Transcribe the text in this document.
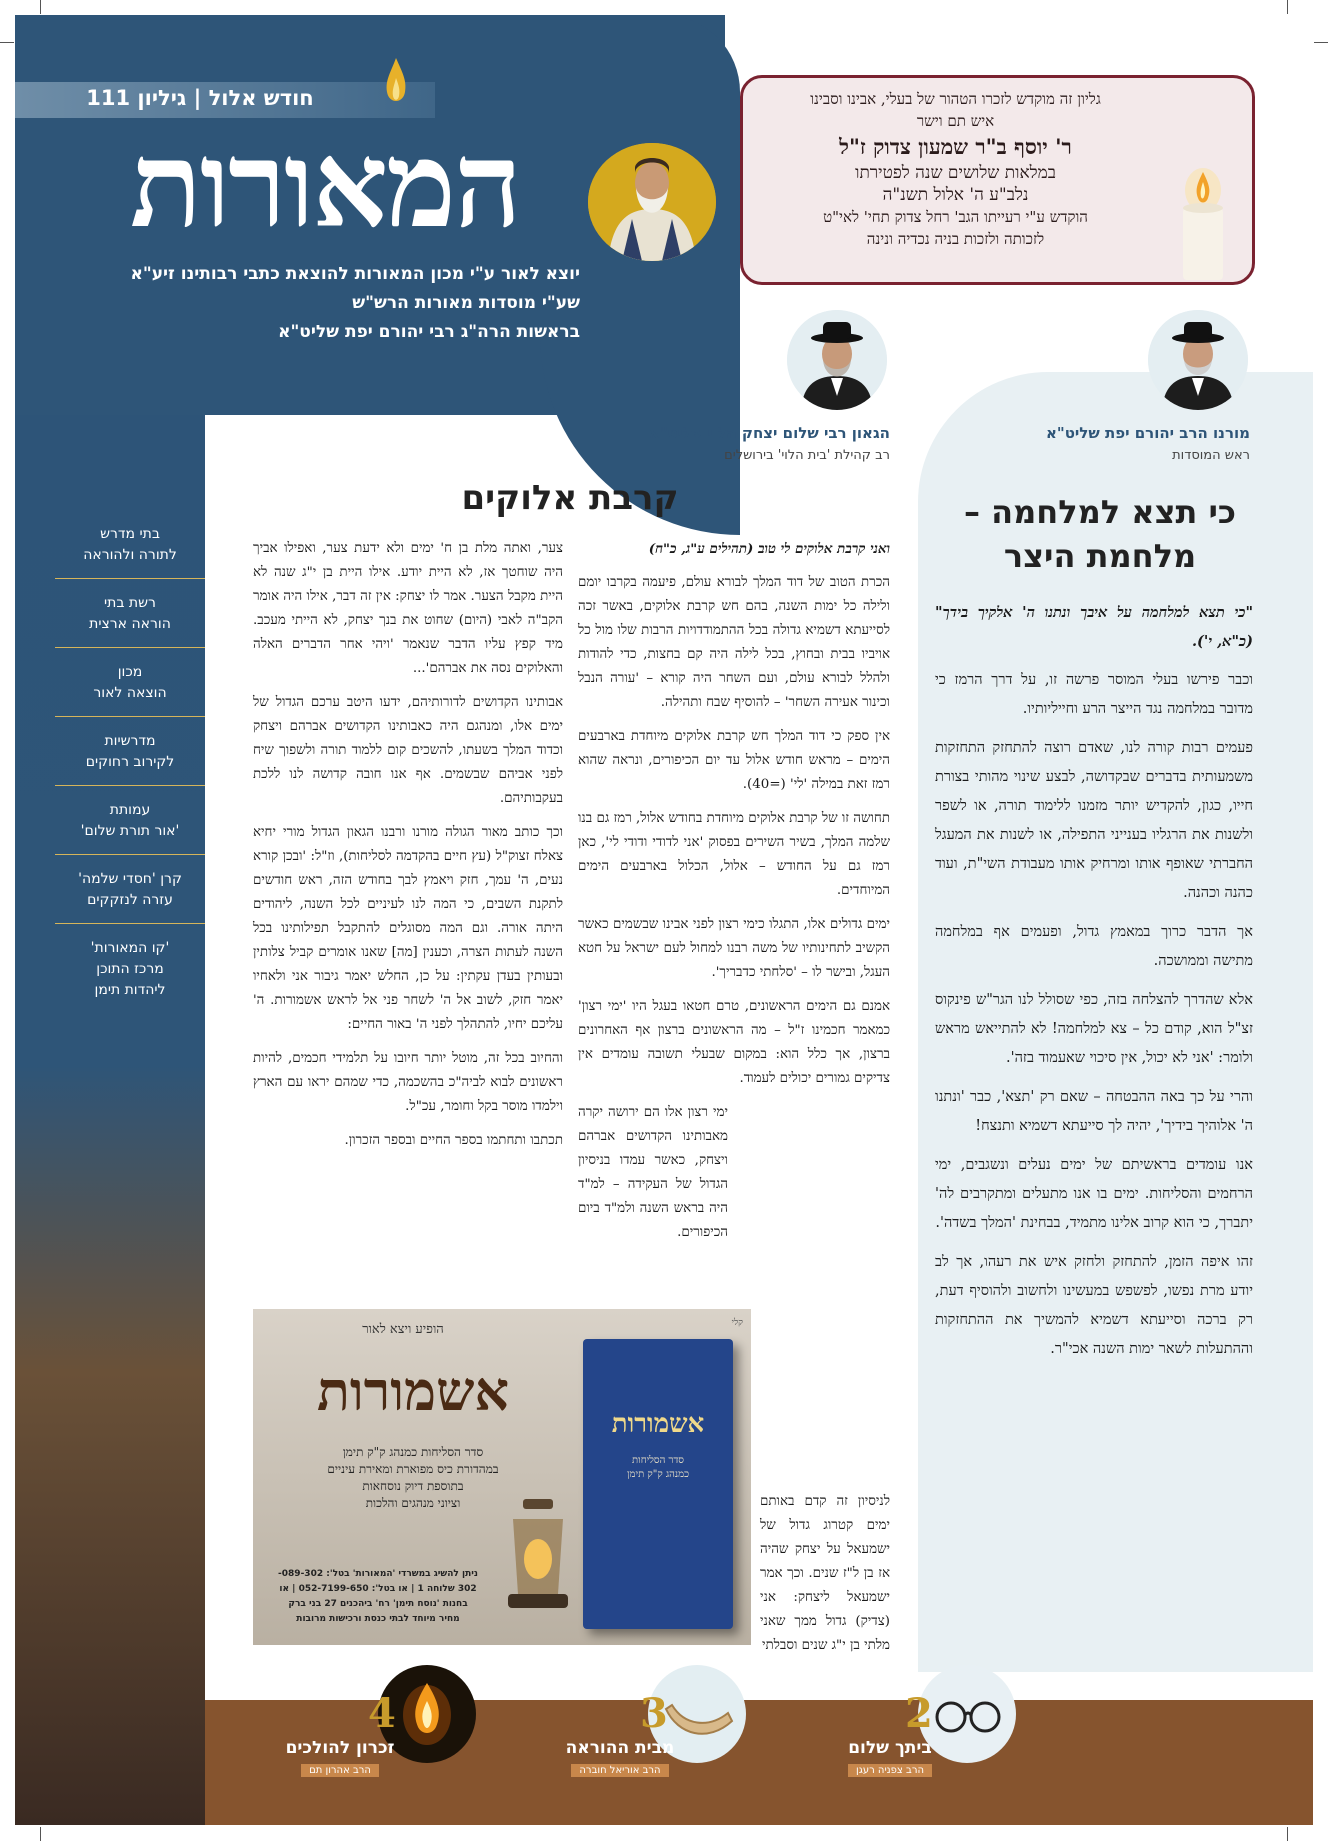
חודש אלול | גיליון 111
המאורות
יוצא לאור ע"י מכון המאורות להוצאת כתבי רבותינו זיע"א
שע"י מוסדות מאורות הרש"ש
בראשות הרה"ג רבי יהורם יפת שליט"א
גליון זה מוקדש לזכרו הטהור של בעלי, אבינו וסבינו
איש תם וישר
ר' יוסף ב"ר שמעון צדוק ז"ל
במלאות שלושים שנה לפטירתו
נלב"ע ה' אלול תשנ"ה
הוקדש ע"י רעייתו הגב' רחל צדוק תחי' לאי"ט
לזכותה ולזכות בניה נכדיה ונינה
בתי מדרש
לתורה ולהוראה
רשת בתי
הוראה ארצית
מכון
הוצאה לאור
מדרשיות
לקירוב רחוקים
עמותת
'אור תורת שלום'
קרן 'חסדי שלמה'
עזרה לנזקקים
'קו המאורות'
מרכז התוכן
ליהדות תימן
מורנו הרב יהורם יפת שליט"א
ראש המוסדות
הגאון רבי שלום יצחק הלוי שליט"א
רב קהילת 'בית הלוי' בירושלים
כי תצא למלחמה –
מלחמת היצר

"כי תצא למלחמה על איבך ונתנו ה' אלקיך בידך" (כ"א, י').

וכבר פירשו בעלי המוסר פרשה זו, על דרך הרמז כי מדובר במלחמה נגד הייצר הרע וחייליותיו.

פעמים רבות קורה לנו, שאדם רוצה להתחזק התחזקות משמעותית בדברים שבקדושה, לבצע שינוי מהותי בצורת חייו, כגון, להקדיש יותר מזמנו ללימוד תורה, או לשפר ולשנות את הרגליו בענייני התפילה, או לשנות את המעגל החברתי שאופף אותו ומרחיק אותו מעבודת השי"ת, ועוד כהנה וכהנה.

אך הדבר כרוך במאמץ גדול, ופעמים אף במלחמה מתישה וממושכה.

אלא שהדרך להצלחה בזה, כפי שסולל לנו הגר"ש פינקוס זצ"ל הוא, קודם כל – צא למלחמה! לא להתייאש מראש ולומר: 'אני לא יכול, אין סיכוי שאעמוד בזה'.

והרי על כך באה ההבטחה – שאם רק 'תצא', כבר 'ונתנו ה' אלוהיך בידיך', יהיה לך סייעתא דשמיא ותנצח!

אנו עומדים בראשיתם של ימים נעלים ונשגבים, ימי הרחמים והסליחות. ימים בו אנו מתעלים ומתקרבים לה' יתברך, כי הוא קרוב אלינו מתמיד, בבחינת 'המלך בשדה'.

זהו איפה הזמן, להתחזק ולחזק איש את רעהו, אך לב יודע מרת נפשו, לפשפש במעשינו ולחשוב ולהוסיף דעת, רק ברכה וסייעתא דשמיא להמשיך את ההתחזקות וההתעלות לשאר ימות השנה אכי"ר.

קרבת אלוקים

ואני קרבת אלוקים לי טוב (תהילים ע"ג, כ"ח)

הכרת הטוב של דוד המלך לבורא עולם, פיעמה בקרבו יומם ולילה כל ימות השנה, בהם חש קרבת אלוקים, באשר זכה לסייעתא דשמיא גדולה בכל ההתמודדויות הרבות שלו מול כל אויביו בבית ובחוץ, בכל לילה היה קם בחצות, כדי להודות ולהלל לבורא עולם, ועם השחר היה קורא – 'עורה הנבל וכינור אעירה השחר' – להוסיף שבח ותהילה.

אין ספק כי דוד המלך חש קרבת אלוקים מיוחדת בארבעים הימים – מראש חודש אלול עד יום הכיפורים, ונראה שהוא רמז זאת במילה 'לי' (=40).

תחושה זו של קרבת אלוקים מיוחדת בחודש אלול, רמז גם בנו שלמה המלך, בשיר השירים בפסוק 'אני לדודי ודודי לי', כאן רמז גם על החודש – אלול, הכלול בארבעים הימים המיוחדים.

ימים גדולים אלו, התגלו כימי רצון לפני אבינו שבשמים כאשר הקשיב לתחינותיו של משה רבנו למחול לעם ישראל על חטא העגל, ובישר לו – 'סלחתי כדבריך'.

אמנם גם הימים הראשונים, טרם חטאו בעגל היו 'ימי רצון' כמאמר חכמינו ז"ל – מה הראשונים ברצון אף האחרונים ברצון, אך כלל הוא: במקום שבעלי תשובה עומדים אין צדיקים גמורים יכולים לעמוד.

ימי רצון אלו הם ירושה יקרה מאבותינו הקדושים אברהם ויצחק, כאשר עמדו בניסיון הגדול של העקידה – למ"ד היה בראש השנה ולמ"ד ביום הכיפורים.

לניסיון זה קדם באותם ימים קטרוג גדול של ישמעאל על יצחק שהיה אז בן ל"ז שנים. וכך אמר ישמעאל ליצחק: אני (צדיק) גדול ממך שאני מלתי בן י"ג שנים וסבלתי

צער, ואתה מלת בן ח' ימים ולא ידעת צער, ואפילו אביך היה שוחטך אז, לא היית יודע. אילו היית בן י"ג שנה לא היית מקבל הצער. אמר לו יצחק: אין זה דבר, אילו היה אומר הקב"ה לאבי (היום) שחוט את בנך יצחק, לא הייתי מעכב. מיד קפץ עליו הדבר שנאמר 'ויהי אחר הדברים האלה והאלוקים נסה את אברהם'...

אבותינו הקדושים לדורותיהם, ידעו היטב ערכם הגדול של ימים אלו, ומנהגם היה כאבותינו הקדושים אברהם ויצחק וכדוד המלך בשעתו, להשכים קום ללמוד תורה ולשפוך שיח לפני אביהם שבשמים. אף אנו חובה קדושה לנו ללכת בעקבותיהם.

וכך כותב מאור הגולה מורנו ורבנו הגאון הגדול מורי יחיא צאלח זצוק"ל (עץ חיים בהקדמה לסליחות), וז"ל: 'ובכן קורא נעים, ה' עמך, חזק ויאמץ לבך בחודש הזה, ראש חודשים לתקנת השבים, כי המה לנו לעיניים לכל השנה, ליהודים היתה אורה. וגם המה מסוגלים להתקבל תפילותינו בכל השנה לעתות הצרה, וכענין [מה] שאנו אומרים קביל צלותין ובעותין בעדן עקתין: על כן, החלש יאמר גיבור אני ולאחיו יאמר חזק, לשוב אל ה' לשחר פני אל לראש אשמורות. ה' עליכם יחיו, להתהלך לפני ה' באור החיים:

והחיוב בכל זה, מוטל יותר חיובו על תלמידי חכמים, להיות ראשונים לבוא לביה"כ בהשכמה, כדי שמהם יראו עם הארץ וילמדו מוסר בקל וחומר, עכ"ל.

תכתבו ותחתמו בספר החיים ובספר הזכרון.

קלי
הופיע ויצא לאור
אשמורות
סדר הסליחות כמנהג ק"ק תימן
במהדורת כיס מפוארת ומאירת עיניים
בתוספת דיוק נוסחאות
וציוני מנהגים והלכות
ניתן להשיג במשרדי 'המאורות' בטל': 089-302-
302 שלוחה 1 | או בטל': 052-7199-650 | או
בחנות 'נוסח תימן' רח' ביהכנים 27 בני ברק
מחיר מיוחד לבתי כנסת ורכישות מרובות
אשמורות
סדר הסליחות
כמנהג ק"ק תימן
2
ביתך שלום
הרב צפניה רעגן
3
מבית ההוראה
הרב אוריאל חוברה
4
זכרון להולכים
הרב אהרון תם
